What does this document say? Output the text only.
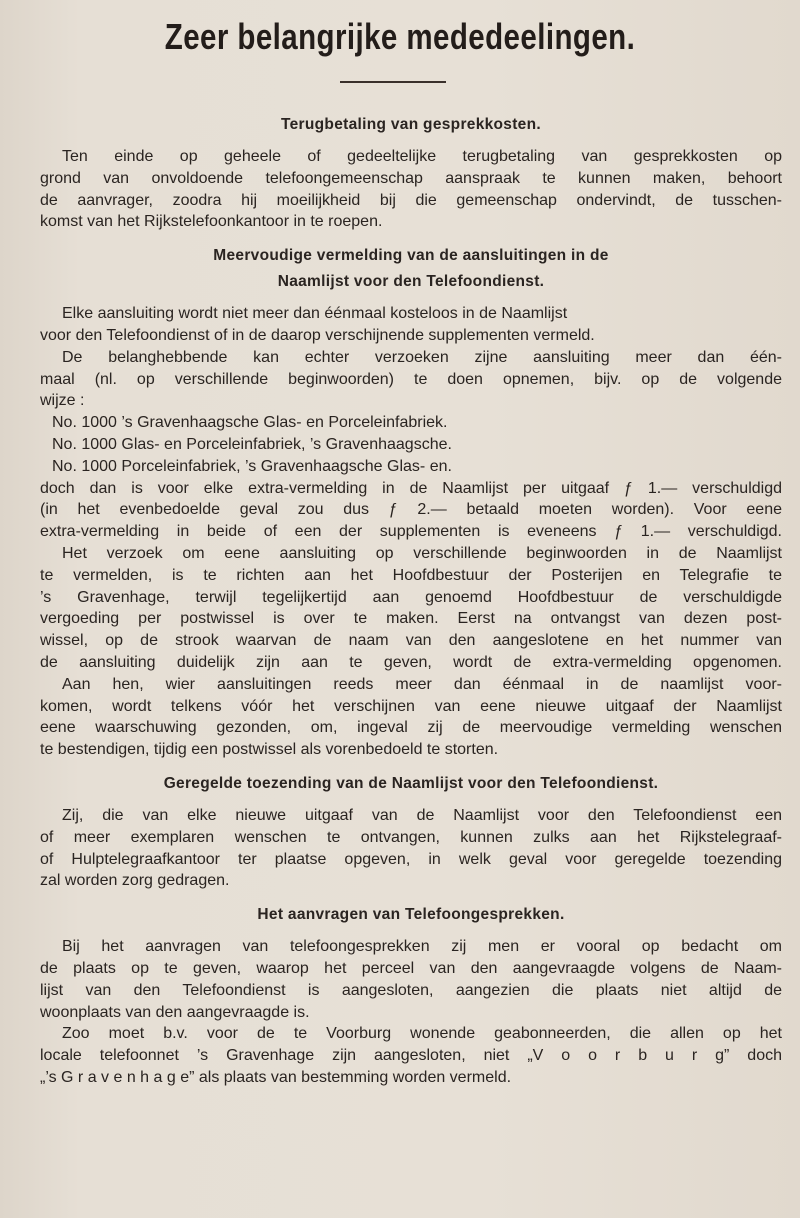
Zeer belangrijke mededeelingen.
Terugbetaling van gesprekkosten.
Ten einde op geheele of gedeeltelijke terugbetaling van gesprekkosten op
grond van onvoldoende telefoongemeenschap aanspraak te kunnen maken, behoort
de aanvrager, zoodra hij moeilijkheid bij die gemeenschap ondervindt, de tusschen-
komst van het Rijkstelefoonkantoor in te roepen.
Meervoudige vermelding van de aansluitingen in de
Naamlijst voor den Telefoondienst.
Elke aansluiting wordt niet meer dan éénmaal kosteloos in de Naamlijst
voor den Telefoondienst of in de daarop verschijnende supplementen vermeld.
De belanghebbende kan echter verzoeken zijne aansluiting meer dan één-
maal (nl. op verschillende beginwoorden) te doen opnemen, bijv. op de volgende
wijze :
No. 1000 ’s Gravenhaagsche Glas- en Porceleinfabriek.
No. 1000 Glas- en Porceleinfabriek, ’s Gravenhaagsche.
No. 1000 Porceleinfabriek, ’s Gravenhaagsche Glas- en.
doch dan is voor elke extra-vermelding in de Naamlijst per uitgaaf ƒ 1.— verschuldigd
(in het evenbedoelde geval zou dus ƒ 2.— betaald moeten worden). Voor eene
extra-vermelding in beide of een der supplementen is eveneens ƒ 1.— verschuldigd.
Het verzoek om eene aansluiting op verschillende beginwoorden in de Naamlijst
te vermelden, is te richten aan het Hoofdbestuur der Posterijen en Telegrafie te
’s Gravenhage, terwijl tegelijkertijd aan genoemd Hoofdbestuur de verschuldigde
vergoeding per postwissel is over te maken. Eerst na ontvangst van dezen post-
wissel, op de strook waarvan de naam van den aangeslotene en het nummer van
de aansluiting duidelijk zijn aan te geven, wordt de extra-vermelding opgenomen.
Aan hen, wier aansluitingen reeds meer dan éénmaal in de naamlijst voor-
komen, wordt telkens vóór het verschijnen van eene nieuwe uitgaaf der Naamlijst
eene waarschuwing gezonden, om, ingeval zij de meervoudige vermelding wenschen
te bestendigen, tijdig een postwissel als vorenbedoeld te storten.
Geregelde toezending van de Naamlijst voor den Telefoondienst.
Zij, die van elke nieuwe uitgaaf van de Naamlijst voor den Telefoondienst een
of meer exemplaren wenschen te ontvangen, kunnen zulks aan het Rijkstelegraaf-
of Hulptelegraafkantoor ter plaatse opgeven, in welk geval voor geregelde toezending
zal worden zorg gedragen.
Het aanvragen van Telefoongesprekken.
Bij het aanvragen van telefoongesprekken zij men er vooral op bedacht om
de plaats op te geven, waarop het perceel van den aangevraagde volgens de Naam-
lijst van den Telefoondienst is aangesloten, aangezien die plaats niet altijd de
woonplaats van den aangevraagde is.
Zoo moet b.v. voor de te Voorburg wonende geabonneerden, die allen op het
locale telefoonnet ’s Gravenhage zijn aangesloten, niet „V o o r b u r g” doch
„’s G r a v e n h a g e” als plaats van bestemming worden vermeld.
